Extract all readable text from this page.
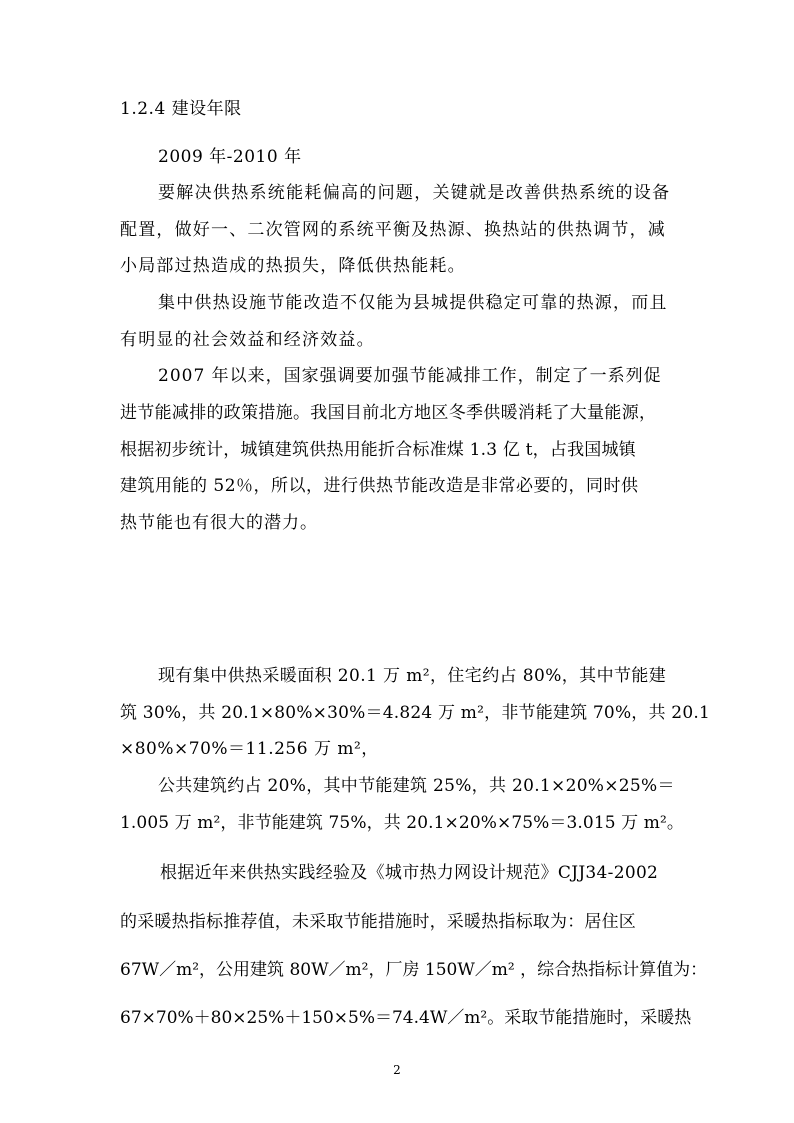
1.2.4 建设年限
2009 年-2010 年
要解决供热系统能耗偏高的问题，关键就是改善供热系统的设备
配置，做好一、二次管网的系统平衡及热源、换热站的供热调节，减
小局部过热造成的热损失，降低供热能耗。
集中供热设施节能改造不仅能为县城提供稳定可靠的热源，而且
有明显的社会效益和经济效益。
2007 年以来，国家强调要加强节能减排工作，制定了一系列促
进节能减排的政策措施。我国目前北方地区冬季供暖消耗了大量能源，
根据初步统计，城镇建筑供热用能折合标准煤 1.3 亿 t，占我国城镇
建筑用能的 52％，所以，进行供热节能改造是非常必要的，同时供
热节能也有很大的潜力。
现有集中供热采暖面积 20.1 万 m²，住宅约占 80%，其中节能建
筑 30%，共 20.1×80%×30%＝4.824 万 m²，非节能建筑 70%，共 20.1
×80%×70%＝11.256 万 m²，
公共建筑约占 20%，其中节能建筑 25%，共 20.1×20%×25%＝
1.005 万 m²，非节能建筑 75%，共 20.1×20%×75%＝3.015 万 m²。
根据近年来供热实践经验及《城市热力网设计规范》CJJ34-2002
的采暖热指标推荐值，未采取节能措施时，采暖热指标取为：居住区
67W／m²，公用建筑 80W／m²，厂房 150W／m² ，综合热指标计算值为：
67×70%＋80×25%＋150×5%＝74.4W／m²。采取节能措施时，采暖热
2
